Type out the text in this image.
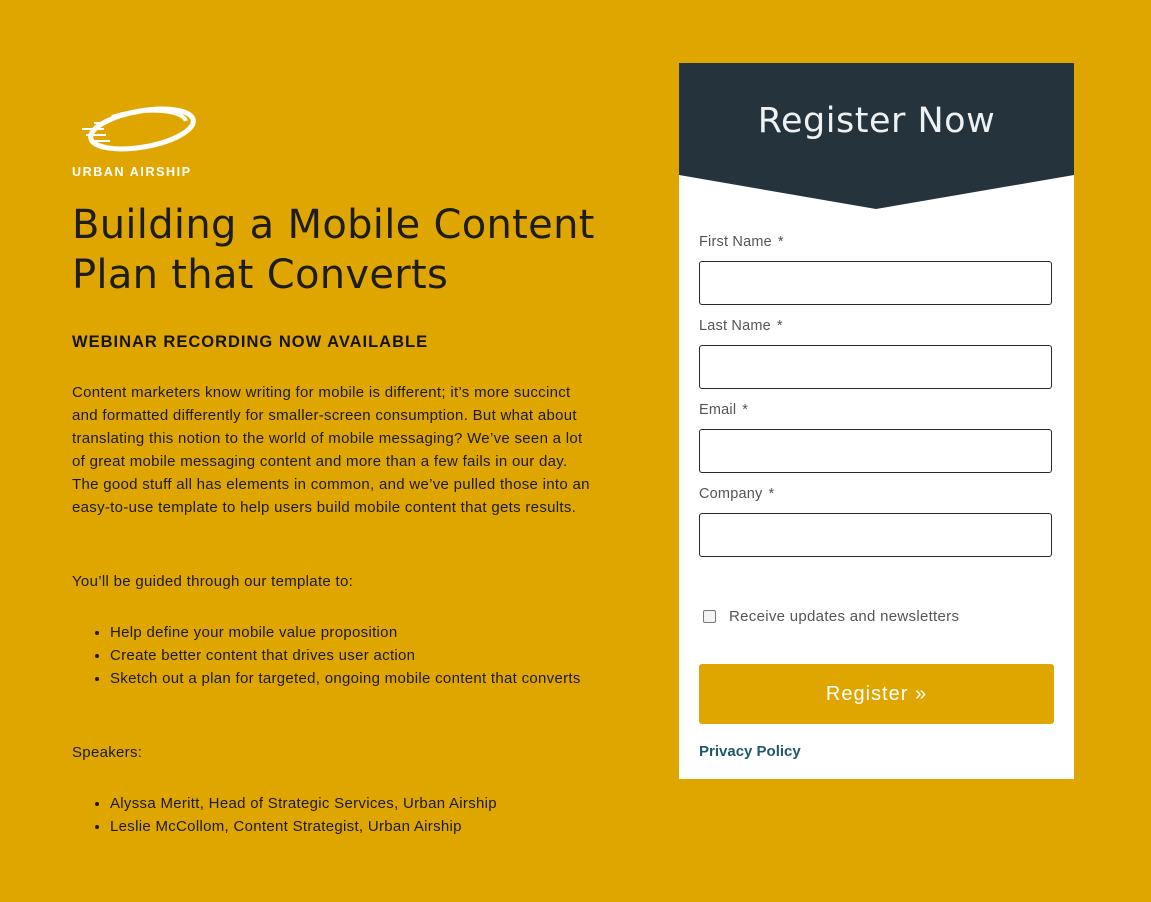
URBAN AIRSHIP
Building a Mobile Content Plan that Converts
WEBINAR RECORDING NOW AVAILABLE

Content marketers know writing for mobile is different; it’s more succinct and formatted differently for smaller-screen consumption. But what about translating this notion to the world of mobile messaging? We’ve seen a lot of great mobile messaging content and more than a few fails in our day. The good stuff all has elements in common, and we’ve pulled those into an easy-to-use template to help users build mobile content that gets results.

You’ll be guided through our template to:

• Help define your mobile value proposition
• Create better content that drives user action
• Sketch out a plan for targeted, ongoing mobile content that converts

Speakers:

• Alyssa Meritt, Head of Strategic Services, Urban Airship
• Leslie McCollom, Content Strategist, Urban Airship
Register Now
First Name *
Last Name *
Email *
Company *
Receive updates and newsletters
Register »
Privacy Policy
